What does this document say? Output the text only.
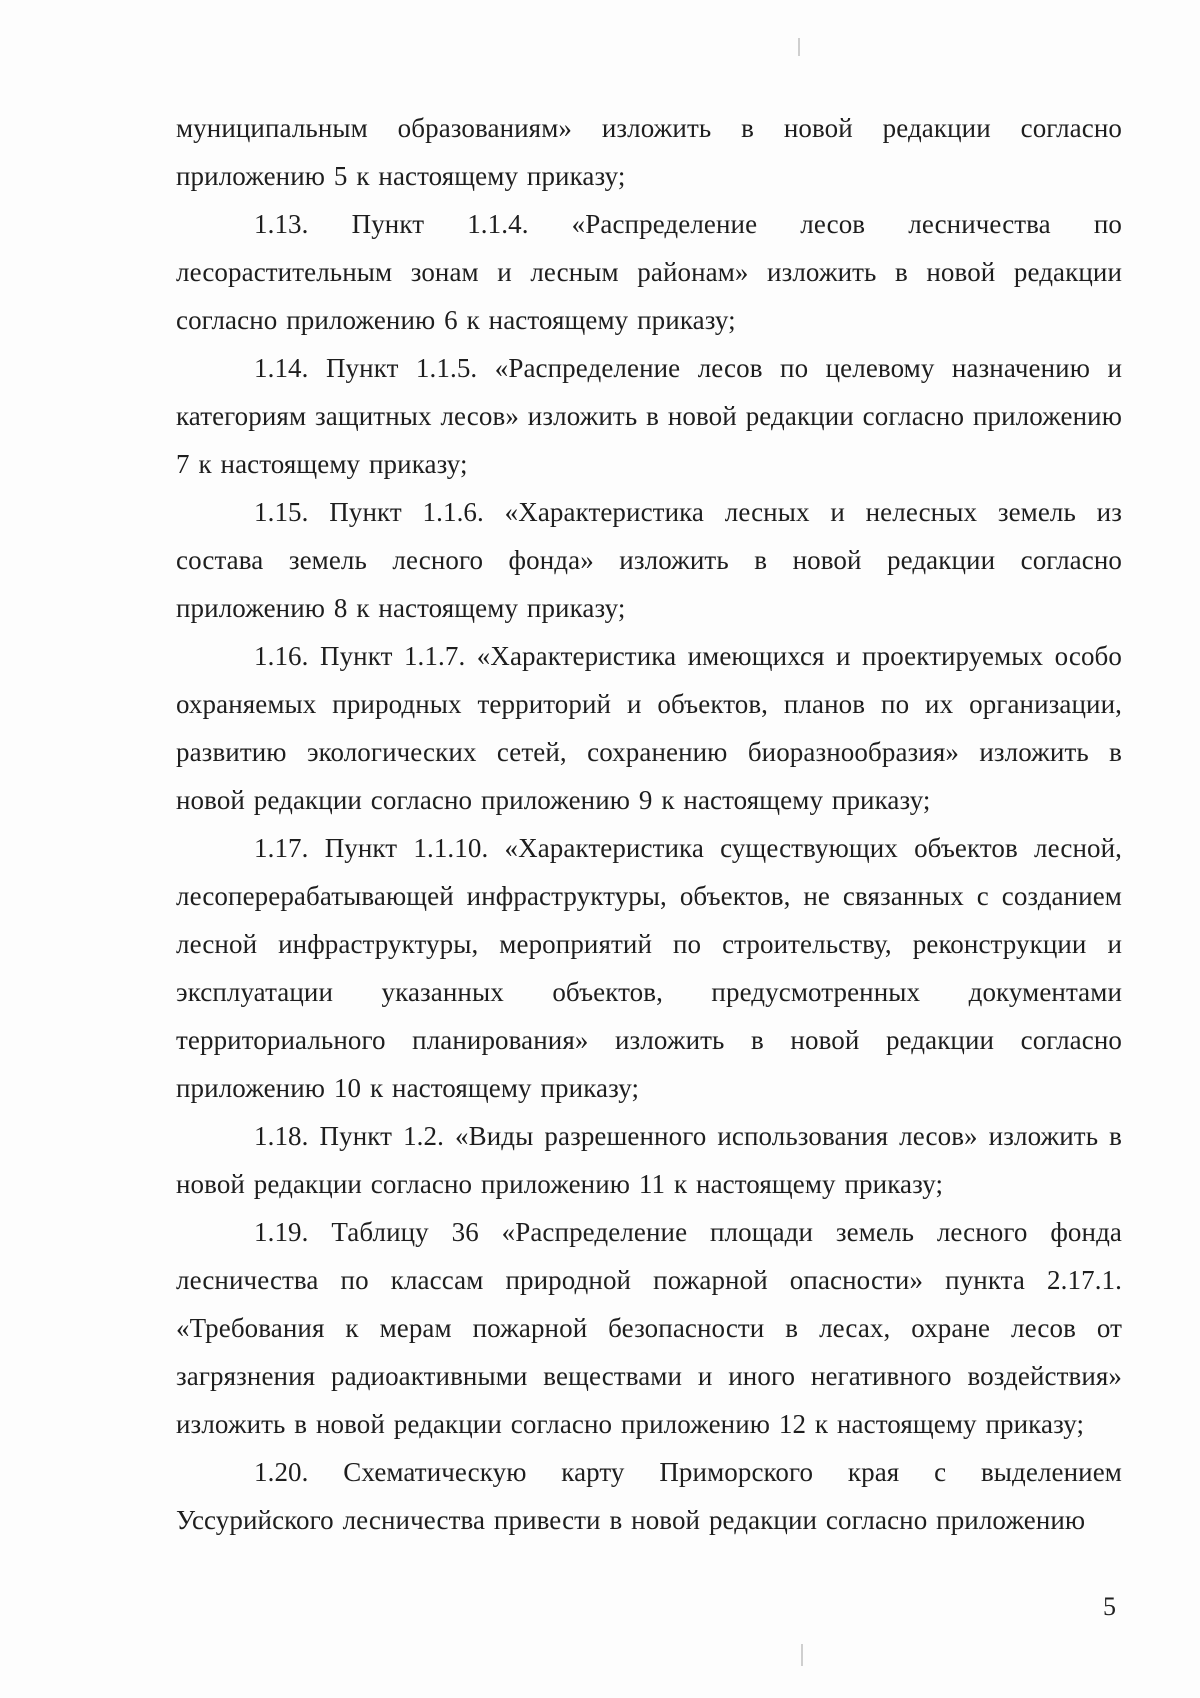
муниципальным образованиям» изложить в новой редакции согласно приложению 5 к настоящему приказу;

1.13. Пункт 1.1.4. «Распределение лесов лесничества по лесорастительным зонам и лесным районам» изложить в новой редакции согласно приложению 6 к настоящему приказу;

1.14. Пункт 1.1.5. «Распределение лесов по целевому назначению и категориям защитных лесов» изложить в новой редакции согласно приложению 7 к настоящему приказу;

1.15. Пункт 1.1.6. «Характеристика лесных и нелесных земель из состава земель лесного фонда» изложить в новой редакции согласно приложению 8 к настоящему приказу;

1.16. Пункт 1.1.7. «Характеристика имеющихся и проектируемых особо охраняемых природных территорий и объектов, планов по их организации, развитию экологических сетей, сохранению биоразнообразия» изложить в новой редакции согласно приложению 9 к настоящему приказу;

1.17. Пункт 1.1.10. «Характеристика существующих объектов лесной, лесоперерабатывающей инфраструктуры, объектов, не связанных с созданием лесной инфраструктуры, мероприятий по строительству, реконструкции и эксплуатации указанных объектов, предусмотренных документами территориального планирования» изложить в новой редакции согласно приложению 10 к настоящему приказу;

1.18. Пункт 1.2. «Виды разрешенного использования лесов» изложить в новой редакции согласно приложению 11 к настоящему приказу;

1.19. Таблицу 36 «Распределение площади земель лесного фонда лесничества по классам природной пожарной опасности» пункта 2.17.1. «Требования к мерам пожарной безопасности в лесах, охране лесов от загрязнения радиоактивными веществами и иного негативного воздействия» изложить в новой редакции согласно приложению 12 к настоящему приказу;

1.20. Схематическую карту Приморского края с выделением Уссурийского лесничества привести в новой редакции согласно приложению

5
